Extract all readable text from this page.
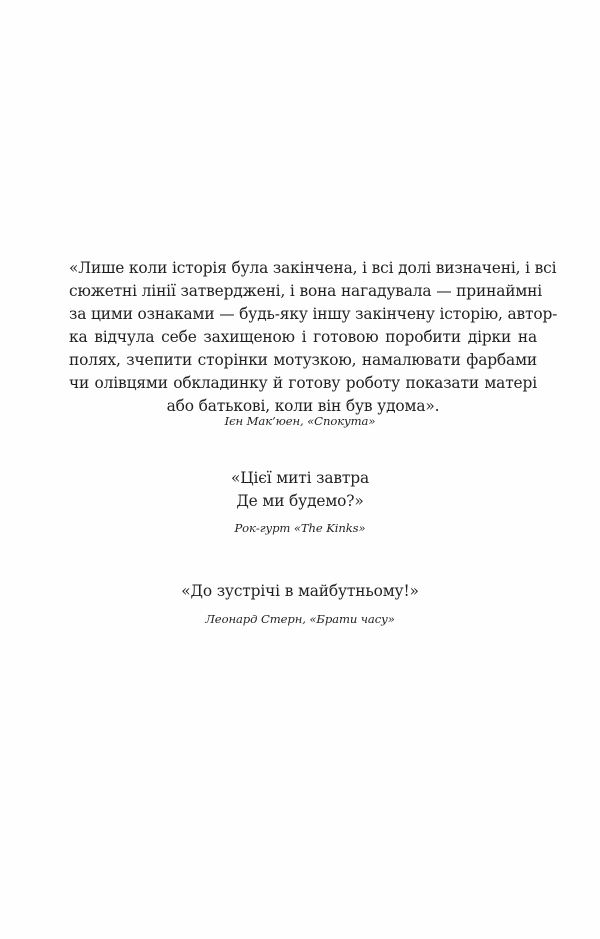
«Лише коли історія була закінчена, і всі долі визначені, і всі
сюжетні лінії затверджені, і вона нагадувала — принаймні
за цими ознаками — будь-яку іншу закінчену історію, автор-
ка відчула себе захищеною і готовою поробити дірки на
полях, зчепити сторінки мотузкою, намалювати фарбами
чи олівцями обкладинку й готову роботу показати матері
або батькові, коли він був удома».
Ієн Мак’юен, «Спокута»
«Цієї миті завтра
Де ми будемо?»
Рок-гурт «The Kinks»
«До зустрічі в майбутньому!»
Леонард Стерн, «Брати часу»
